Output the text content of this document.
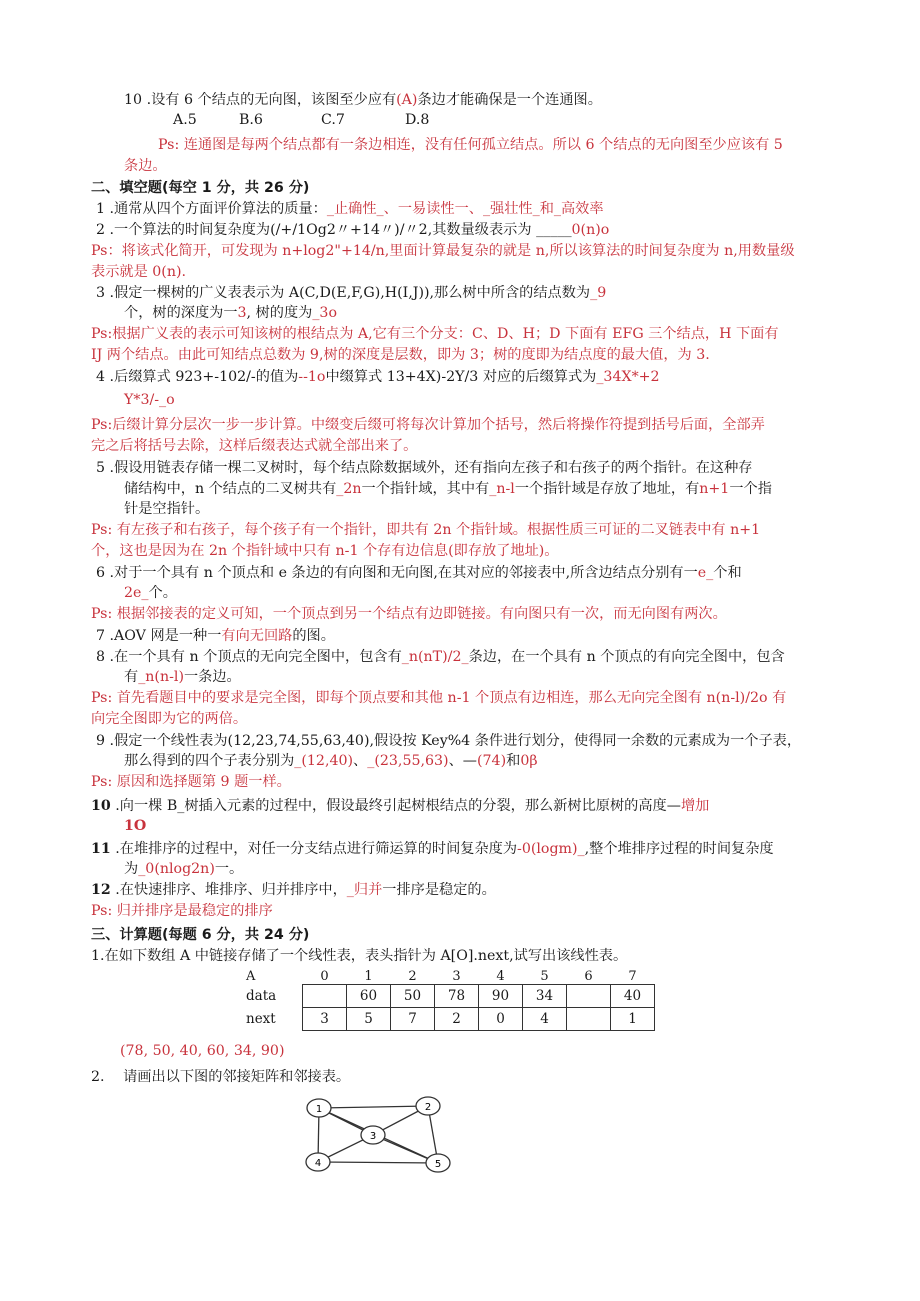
10 .设有 6 个结点的无向图，该图至少应有(A)条边才能确保是一个连通图。
A.5	B.6	C.7	D.8
Ps: 连通图是每两个结点都有一条边相连，没有任何孤立结点。所以 6 个结点的无向图至少应该有 5
条边。
二、填空题(每空 1 分，共 26 分)
1 .通常从四个方面评价算法的质量：_止确性_、一易读性一、_强壮性_和_高效率
2 .一个算法的时间复杂度为(/+/1Og2〃+14〃)/〃2,其数量级表示为 _____0(n)o
Ps：将该式化简开，可发现为 n+log2"+14/n,里面计算最复杂的就是 n,所以该算法的时间复杂度为 n,用数量级
表示就是 0(n).
3 .假定一棵树的广义表表示为 A(C,D(E,F,G),H(I,J)),那么树中所含的结点数为_9
个，树的深度为一3, 树的度为_3o
Ps:根据广义表的表示可知该树的根结点为 A,它有三个分支：C、D、H；D 下面有 EFG 三个结点，H 下面有
IJ 两个结点。由此可知结点总数为 9,树的深度是层数，即为 3；树的度即为结点度的最大值，为 3.
4 .后缀算式 923+-102/-的值为--1o中缀算式 13+4X)-2Y/3 对应的后缀算式为_34X*+2
Y*3/-_o
Ps:后缀计算分层次一步一步计算。中缀变后缀可将每次计算加个括号，然后将操作符提到括号后面，全部弄
完之后将括号去除，这样后缀表达式就全部出来了。
5 .假设用链表存储一棵二叉树时，每个结点除数据域外，还有指向左孩子和右孩子的两个指针。在这种存
储结构中，n 个结点的二叉树共有_2n一个指针域，其中有_n-l一个指针域是存放了地址，有n+1一个指
针是空指针。
Ps: 有左孩子和右孩子，每个孩子有一个指针，即共有 2n 个指针域。根据性质三可证的二叉链表中有 n+1
个，这也是因为在 2n 个指针域中只有 n-1 个存有边信息(即存放了地址)。
6 .对于一个具有 n 个顶点和 e 条边的有向图和无向图,在其对应的邻接表中,所含边结点分别有一e_个和
2e_个。
Ps: 根据邻接表的定义可知，一个顶点到另一个结点有边即链接。有向图只有一次，而无向图有两次。
7 .AOV 网是一种一有向无回路的图。
8 .在一个具有 n 个顶点的无向完全图中，包含有_n(nT)/2_条边，在一个具有 n 个顶点的有向完全图中，包含
有_n(n-l)一条边。
Ps: 首先看题目中的要求是完全图，即每个顶点要和其他 n-1 个顶点有边相连，那么无向完全图有 n(n-l)/2o 有
向完全图即为它的两倍。
9 .假定一个线性表为(12,23,74,55,63,40),假设按 Key%4 条件进行划分，使得同一余数的元素成为一个子表，
那么得到的四个子表分别为_(12,40)、_(23,55,63)、—(74)和0β
Ps: 原因和选择题第 9 题一样。
10 .向一棵 B_树插入元素的过程中，假设最终引起树根结点的分裂，那么新树比原树的高度—增加
1O
11 .在堆排序的过程中，对任一分支结点进行筛运算的时间复杂度为-0(logm)_,整个堆排序过程的时间复杂度
为_0(nlog2n)一。
12 .在快速排序、堆排序、归并排序中，_归并一排序是稳定的。
Ps: 归并排序是最稳定的排序
三、计算题(每题 6 分，共 24 分)
1.在如下数组 A 中链接存储了一个线性表，表头指针为 A[O].next,试写出该线性表。
A	0	1	2	3	4	5	6	7
data		60	50	78	90	34		40
next	3	5	7	2	0	4		1
(78, 50, 40, 60, 34, 90)
2. 请画出以下图的邻接矩阵和邻接表。
1	2
3
4	5
